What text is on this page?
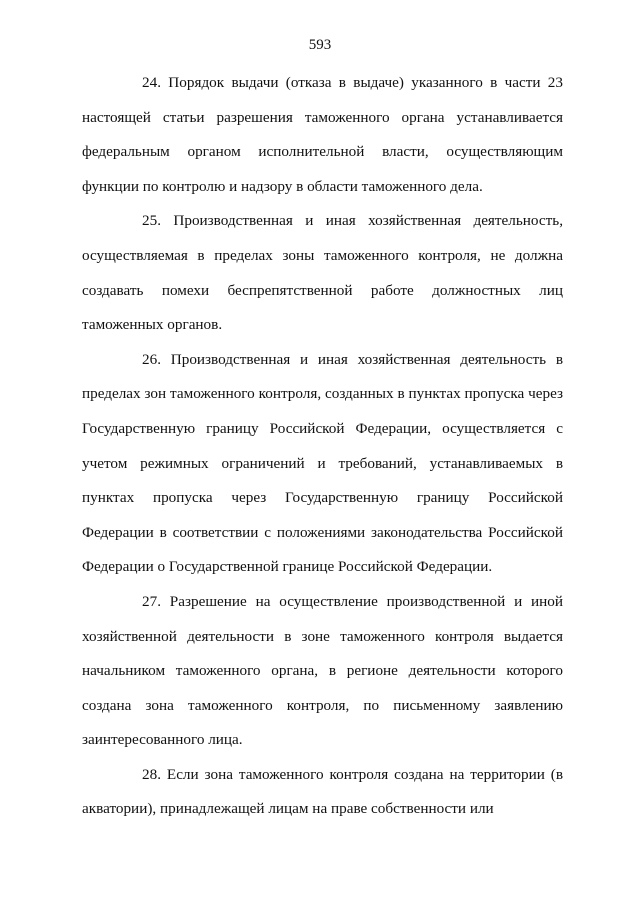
593

24. Порядок выдачи (отказа в выдаче) указанного в части 23 настоящей статьи разрешения таможенного органа устанавливается федеральным органом исполнительной власти, осуществляющим функции по контролю и надзору в области таможенного дела.

25. Производственная и иная хозяйственная деятельность, осуществляемая в пределах зоны таможенного контроля, не должна создавать помехи беспрепятственной работе должностных лиц таможенных органов.

26. Производственная и иная хозяйственная деятельность в пределах зон таможенного контроля, созданных в пунктах пропуска через Государственную границу Российской Федерации, осуществляется с учетом режимных ограничений и требований, устанавливаемых в пунктах пропуска через Государственную границу Российской Федерации в соответствии с положениями законодательства Российской Федерации о Государственной границе Российской Федерации.

27. Разрешение на осуществление производственной и иной хозяйственной деятельности в зоне таможенного контроля выдается начальником таможенного органа, в регионе деятельности которого создана зона таможенного контроля, по письменному заявлению заинтересованного лица.

28. Если зона таможенного контроля создана на территории (в акватории), принадлежащей лицам на праве собственности или
